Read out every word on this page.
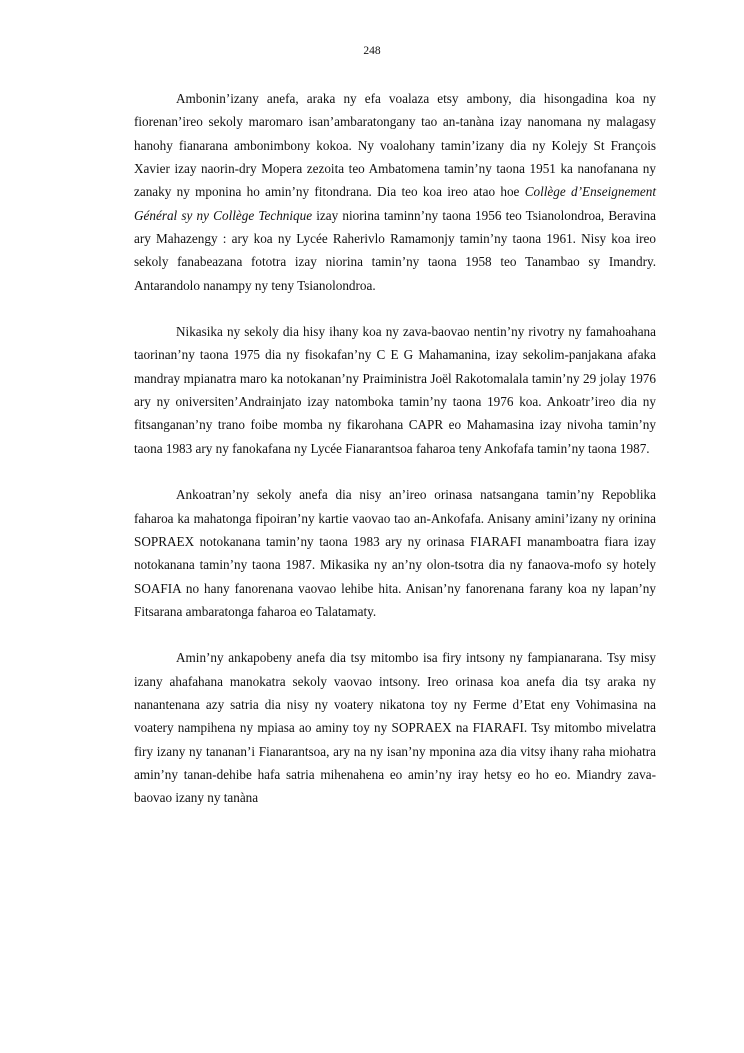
248

Ambonin’izany anefa, araka ny efa voalaza etsy ambony, dia hisongadina koa ny fiorenan’ireo sekoly maromaro isan’ambaratongany tao an-tanàna izay nanomana ny malagasy hanohy fianarana ambonimbony kokoa. Ny voalohany tamin’izany dia ny Kolejy St François Xavier izay naorin-dry Mopera zezoita teo Ambatomena tamin’ny taona 1951 ka nanofanana ny zanaky ny mponina ho amin’ny fitondrana. Dia teo koa ireo atao hoe Collège d’Enseignement Général sy ny Collège Technique izay niorina taminn’ny taona 1956 teo Tsianolondroa, Beravina ary Mahazengy : ary koa ny Lycée Raherivlo Ramamonjy tamin’ny taona 1961. Nisy koa ireo sekoly fanabeazana fototra izay niorina tamin’ny taona 1958 teo Tanambao sy Imandry. Antarandolo nanampy ny teny Tsianolondroa.

Nikasika ny sekoly dia hisy ihany koa ny zava-baovao nentin’ny rivotry ny famahoahana taorinan’ny taona 1975 dia ny fisokafan’ny C E G Mahamanina, izay sekolim-panjakana afaka mandray mpianatra maro ka notokanan’ny Praiministra Joël Rakotomalala tamin’ny 29 jolay 1976 ary ny oniversiten’Andrainjato izay natomboka tamin’ny taona 1976 koa. Ankoatr’ireo dia ny fitsanganan’ny trano foibe momba ny fikarohana CAPR eo Mahamasina izay nivoha tamin’ny taona 1983 ary ny fanokafana ny Lycée Fianarantsoa faharoa teny Ankofafa tamin’ny taona 1987.

Ankoatran’ny sekoly anefa dia nisy an’ireo orinasa natsangana tamin’ny Repoblika faharoa ka mahatonga fipoiran’ny kartie vaovao tao an-Ankofafa. Anisany amini’izany ny orinina SOPRAEX notokanana tamin’ny taona 1983 ary ny orinasa FIARAFI manamboatra fiara izay notokanana tamin’ny taona 1987. Mikasika ny an’ny olon-tsotra dia ny fanaova-mofo sy hotely SOAFIA no hany fanorenana vaovao lehibe hita. Anisan’ny fanorenana farany koa ny lapan’ny Fitsarana ambaratonga faharoa eo Talatamaty.

Amin’ny ankapobeny anefa dia tsy mitombo isa firy intsony ny fampianarana. Tsy misy izany ahafahana manokatra sekoly vaovao intsony. Ireo orinasa koa anefa dia tsy araka ny nanantenana azy satria dia nisy ny voatery nikatona toy ny Ferme d’Etat eny Vohimasina na voatery nampihena ny mpiasa ao aminy toy ny SOPRAEX na FIARAFI. Tsy mitombo mivelatra firy izany ny tananan’i Fianarantsoa, ary na ny isan’ny mponina aza dia vitsy ihany raha miohatra amin’ny tanan-dehibe hafa satria mihenahena eo amin’ny iray hetsy eo ho eo. Miandry zava-baovao izany ny tanàna
